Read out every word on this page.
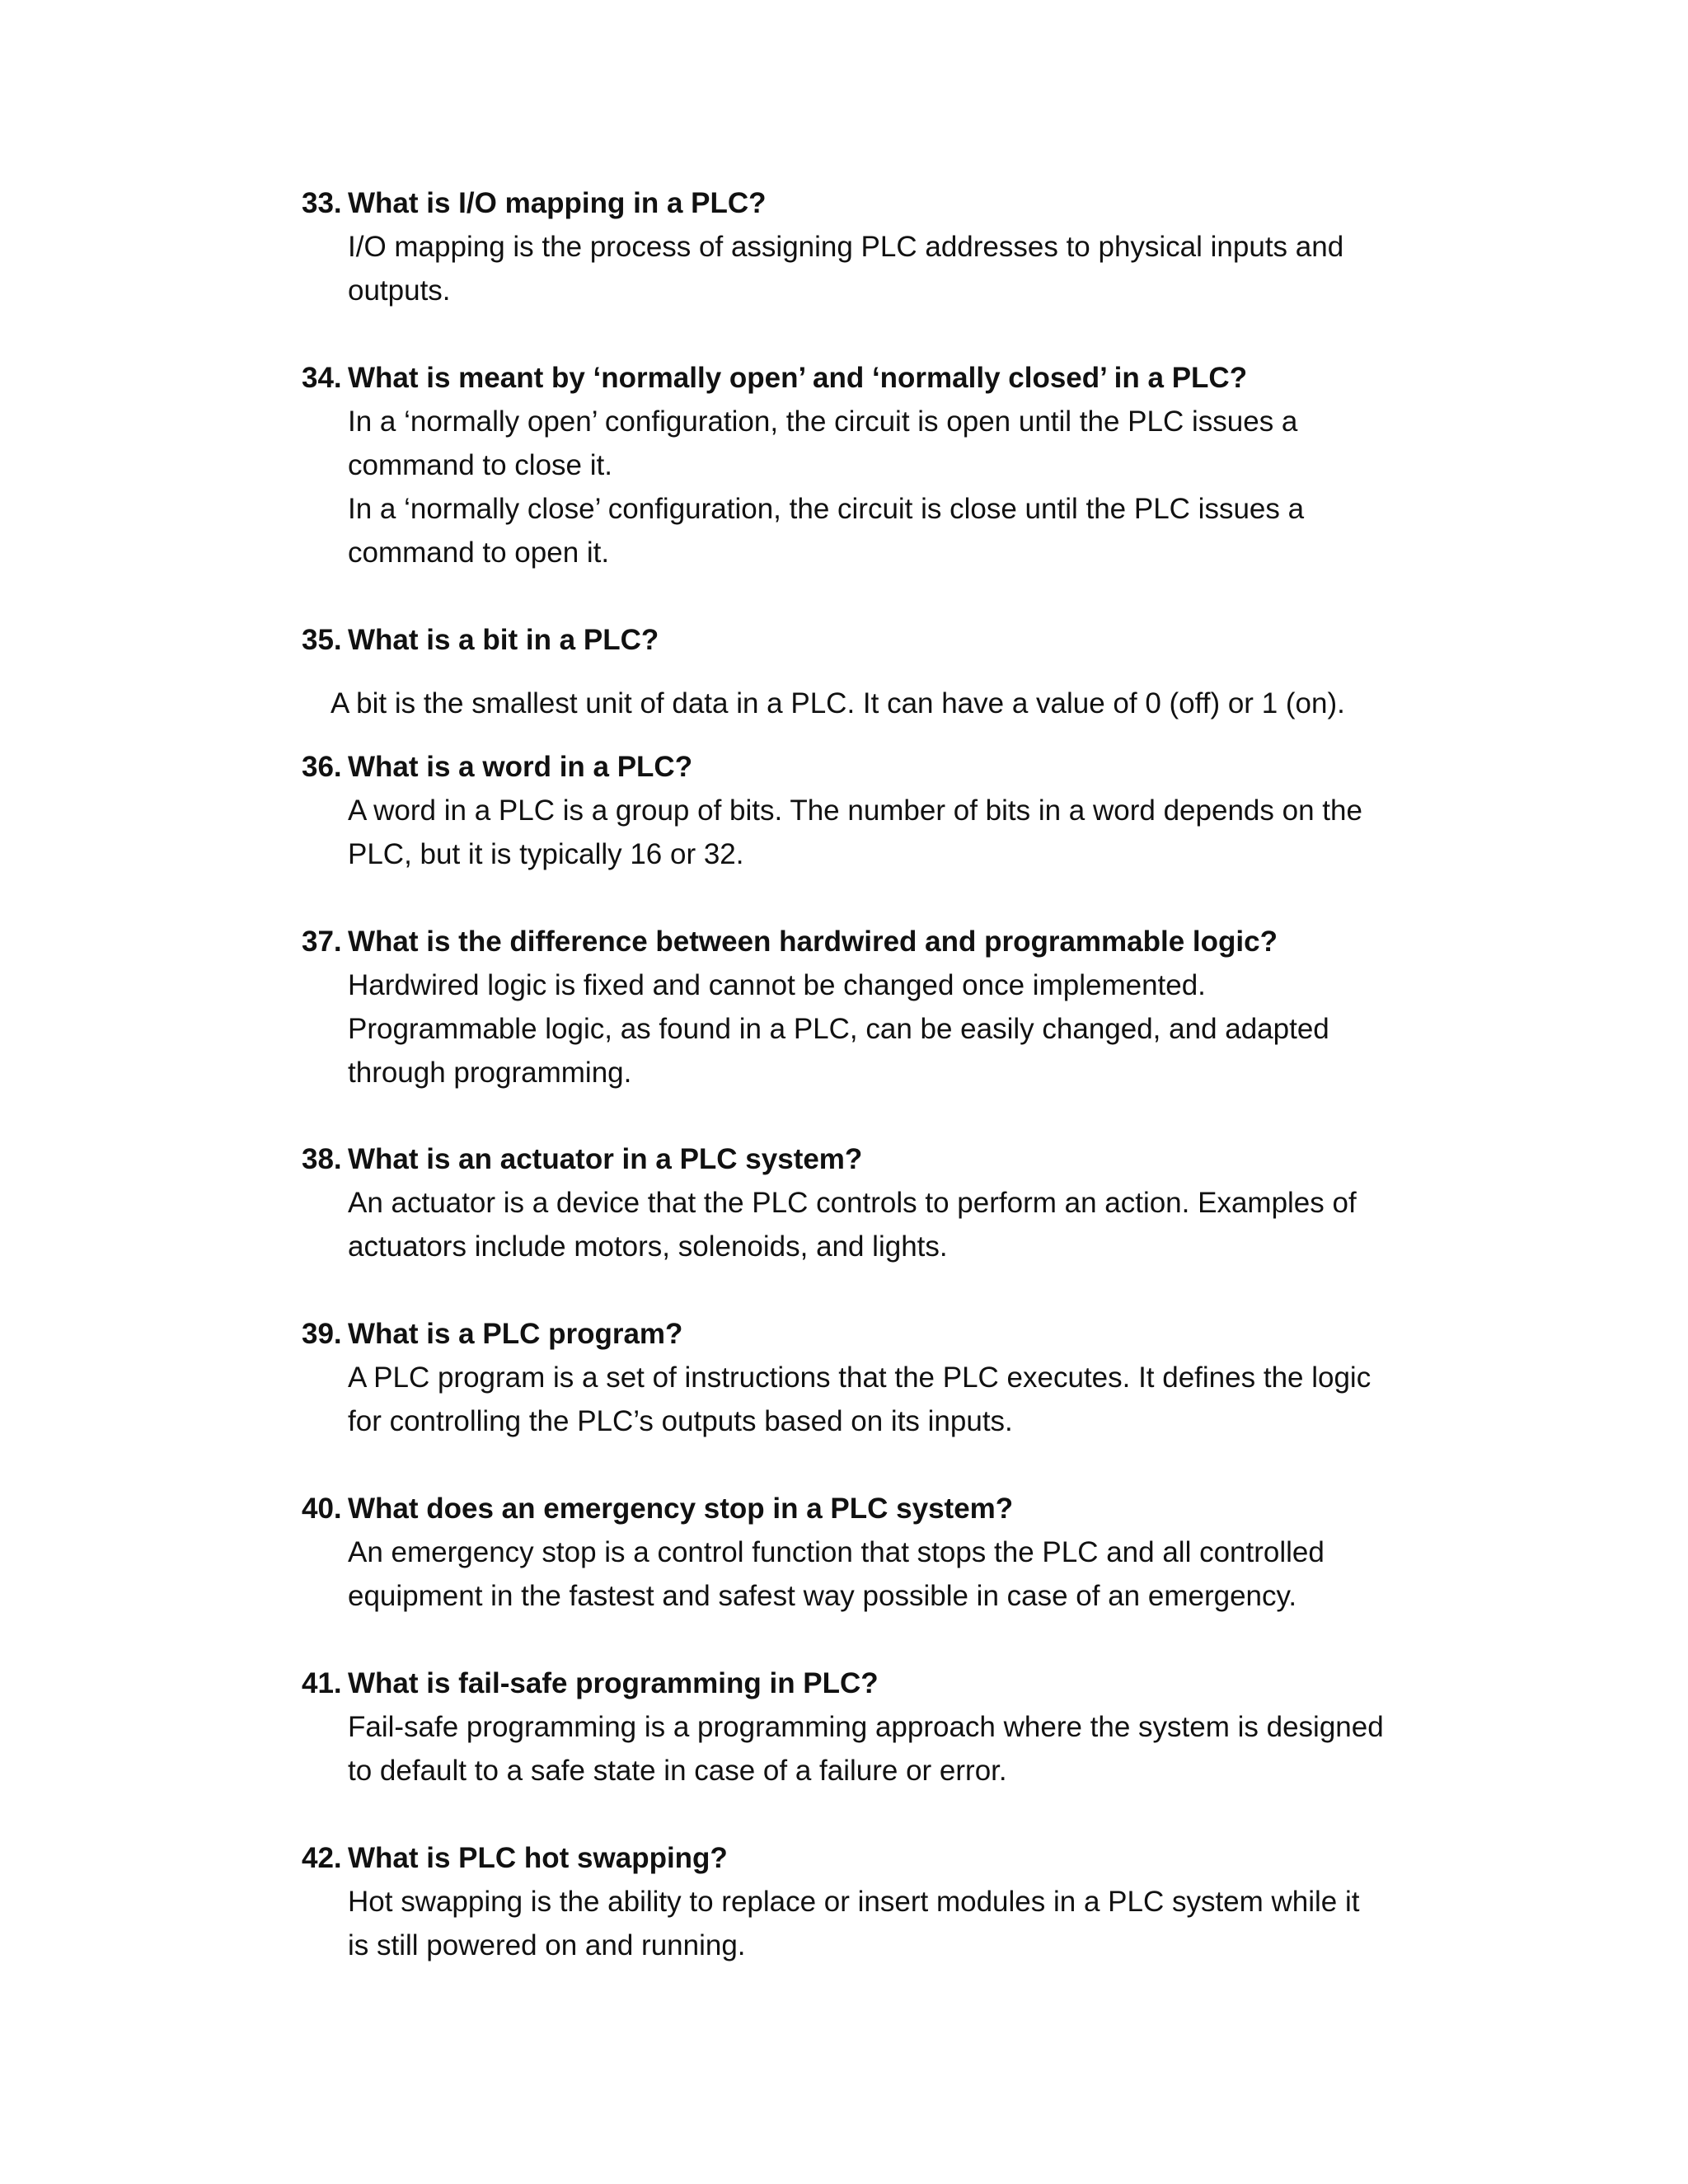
33. What is I/O mapping in a PLC?
I/O mapping is the process of assigning PLC addresses to physical inputs and
outputs.
34. What is meant by ‘normally open’ and ‘normally closed’ in a PLC?
In a ‘normally open’ configuration, the circuit is open until the PLC issues a
command to close it.
In a ‘normally close’ configuration, the circuit is close until the PLC issues a
command to open it.
35. What is a bit in a PLC?
A bit is the smallest unit of data in a PLC. It can have a value of 0 (off) or 1 (on).
36. What is a word in a PLC?
A word in a PLC is a group of bits. The number of bits in a word depends on the
PLC, but it is typically 16 or 32.
37. What is the difference between hardwired and programmable logic?
Hardwired logic is fixed and cannot be changed once implemented.
Programmable logic, as found in a PLC, can be easily changed, and adapted
through programming.
38. What is an actuator in a PLC system?
An actuator is a device that the PLC controls to perform an action. Examples of
actuators include motors, solenoids, and lights.
39. What is a PLC program?
A PLC program is a set of instructions that the PLC executes. It defines the logic
for controlling the PLC’s outputs based on its inputs.
40. What does an emergency stop in a PLC system?
An emergency stop is a control function that stops the PLC and all controlled
equipment in the fastest and safest way possible in case of an emergency.
41. What is fail-safe programming in PLC?
Fail-safe programming is a programming approach where the system is designed
to default to a safe state in case of a failure or error.
42. What is PLC hot swapping?
Hot swapping is the ability to replace or insert modules in a PLC system while it
is still powered on and running.
